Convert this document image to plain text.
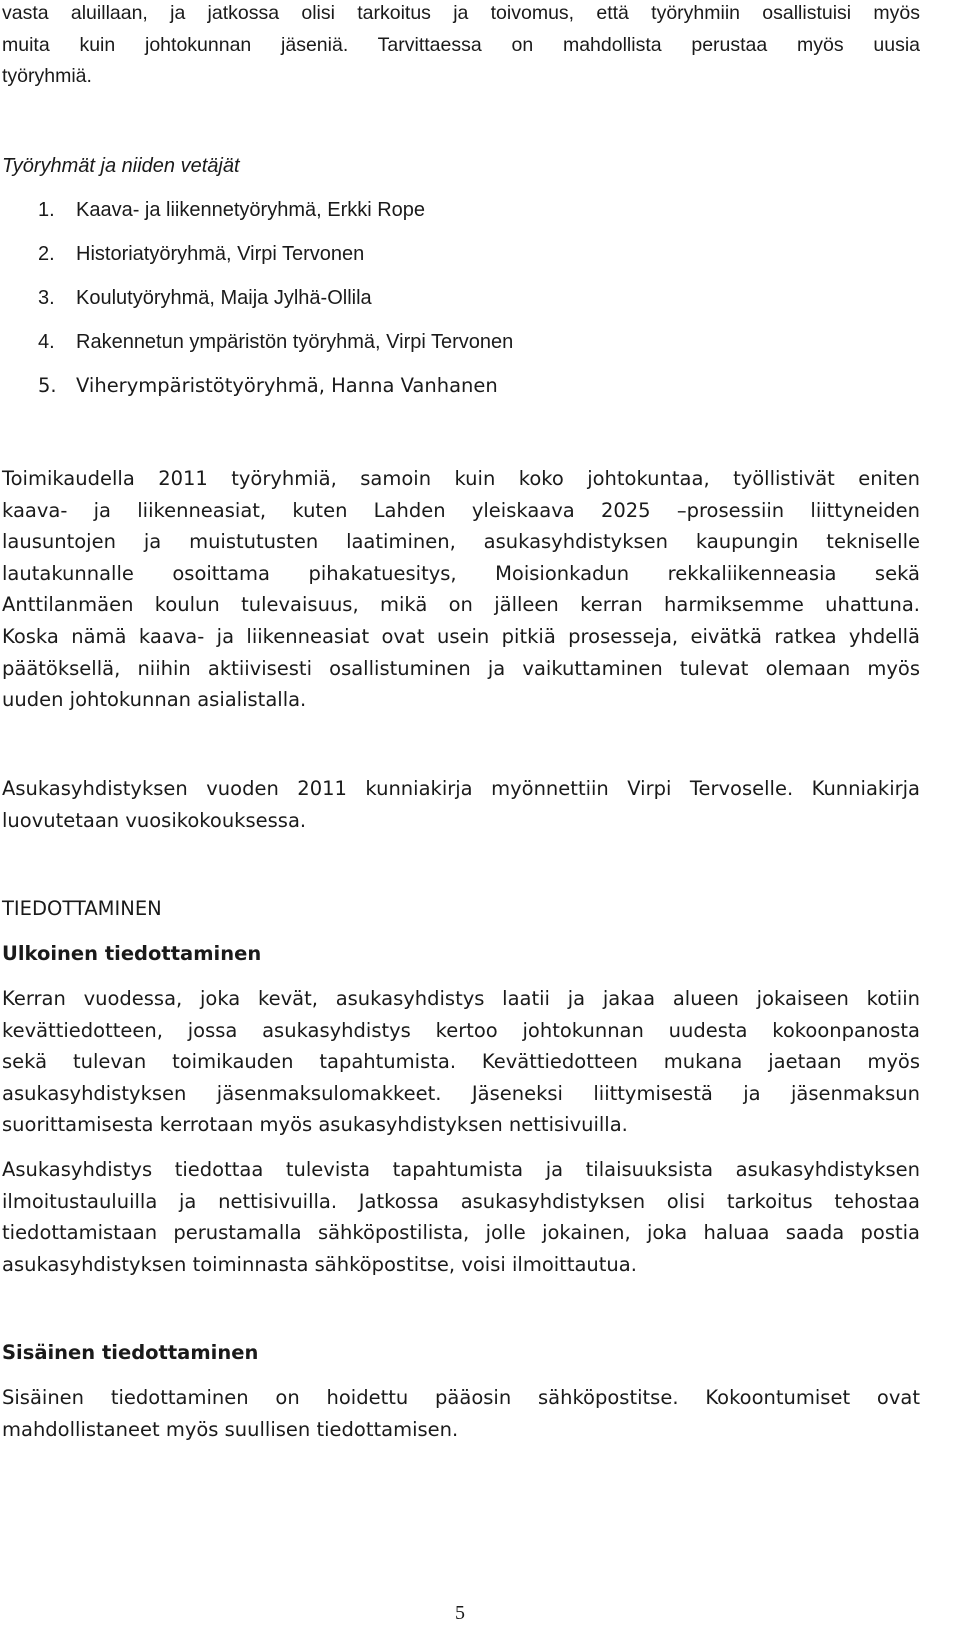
vasta aluillaan, ja jatkossa olisi tarkoitus ja toivomus, että työryhmiin osallistuisi myös
muita kuin johtokunnan jäseniä. Tarvittaessa on mahdollista perustaa myös uusia
työryhmiä.
Työryhmät ja niiden vetäjät
1. Kaava- ja liikennetyöryhmä, Erkki Rope
2. Historiatyöryhmä, Virpi Tervonen
3. Koulutyöryhmä, Maija Jylhä-Ollila
4. Rakennetun ympäristön työryhmä, Virpi Tervonen
5. Viherympäristötyöryhmä, Hanna Vanhanen
Toimikaudella 2011 työryhmiä, samoin kuin koko johtokuntaa, työllistivät eniten
kaava- ja liikenneasiat, kuten Lahden yleiskaava 2025 –prosessiin liittyneiden
lausuntojen ja muistutusten laatiminen, asukasyhdistyksen kaupungin tekniselle
lautakunnalle osoittama pihakatuesitys, Moisionkadun rekkaliikenneasia sekä
Anttilanmäen koulun tulevaisuus, mikä on jälleen kerran harmiksemme uhattuna.
Koska nämä kaava- ja liikenneasiat ovat usein pitkiä prosesseja, eivätkä ratkea yhdellä
päätöksellä, niihin aktiivisesti osallistuminen ja vaikuttaminen tulevat olemaan myös
uuden johtokunnan asialistalla.
Asukasyhdistyksen vuoden 2011 kunniakirja myönnettiin Virpi Tervoselle. Kunniakirja
luovutetaan vuosikokouksessa.
TIEDOTTAMINEN
Ulkoinen tiedottaminen
Kerran vuodessa, joka kevät, asukasyhdistys laatii ja jakaa alueen jokaiseen kotiin
kevättiedotteen, jossa asukasyhdistys kertoo johtokunnan uudesta kokoonpanosta
sekä tulevan toimikauden tapahtumista. Kevättiedotteen mukana jaetaan myös
asukasyhdistyksen jäsenmaksulomakkeet. Jäseneksi liittymisestä ja jäsenmaksun
suorittamisesta kerrotaan myös asukasyhdistyksen nettisivuilla.
Asukasyhdistys tiedottaa tulevista tapahtumista ja tilaisuuksista asukasyhdistyksen
ilmoitustauluilla ja nettisivuilla. Jatkossa asukasyhdistyksen olisi tarkoitus tehostaa
tiedottamistaan perustamalla sähköpostilista, jolle jokainen, joka haluaa saada postia
asukasyhdistyksen toiminnasta sähköpostitse, voisi ilmoittautua.
Sisäinen tiedottaminen
Sisäinen tiedottaminen on hoidettu pääosin sähköpostitse. Kokoontumiset ovat
mahdollistaneet myös suullisen tiedottamisen.
5
